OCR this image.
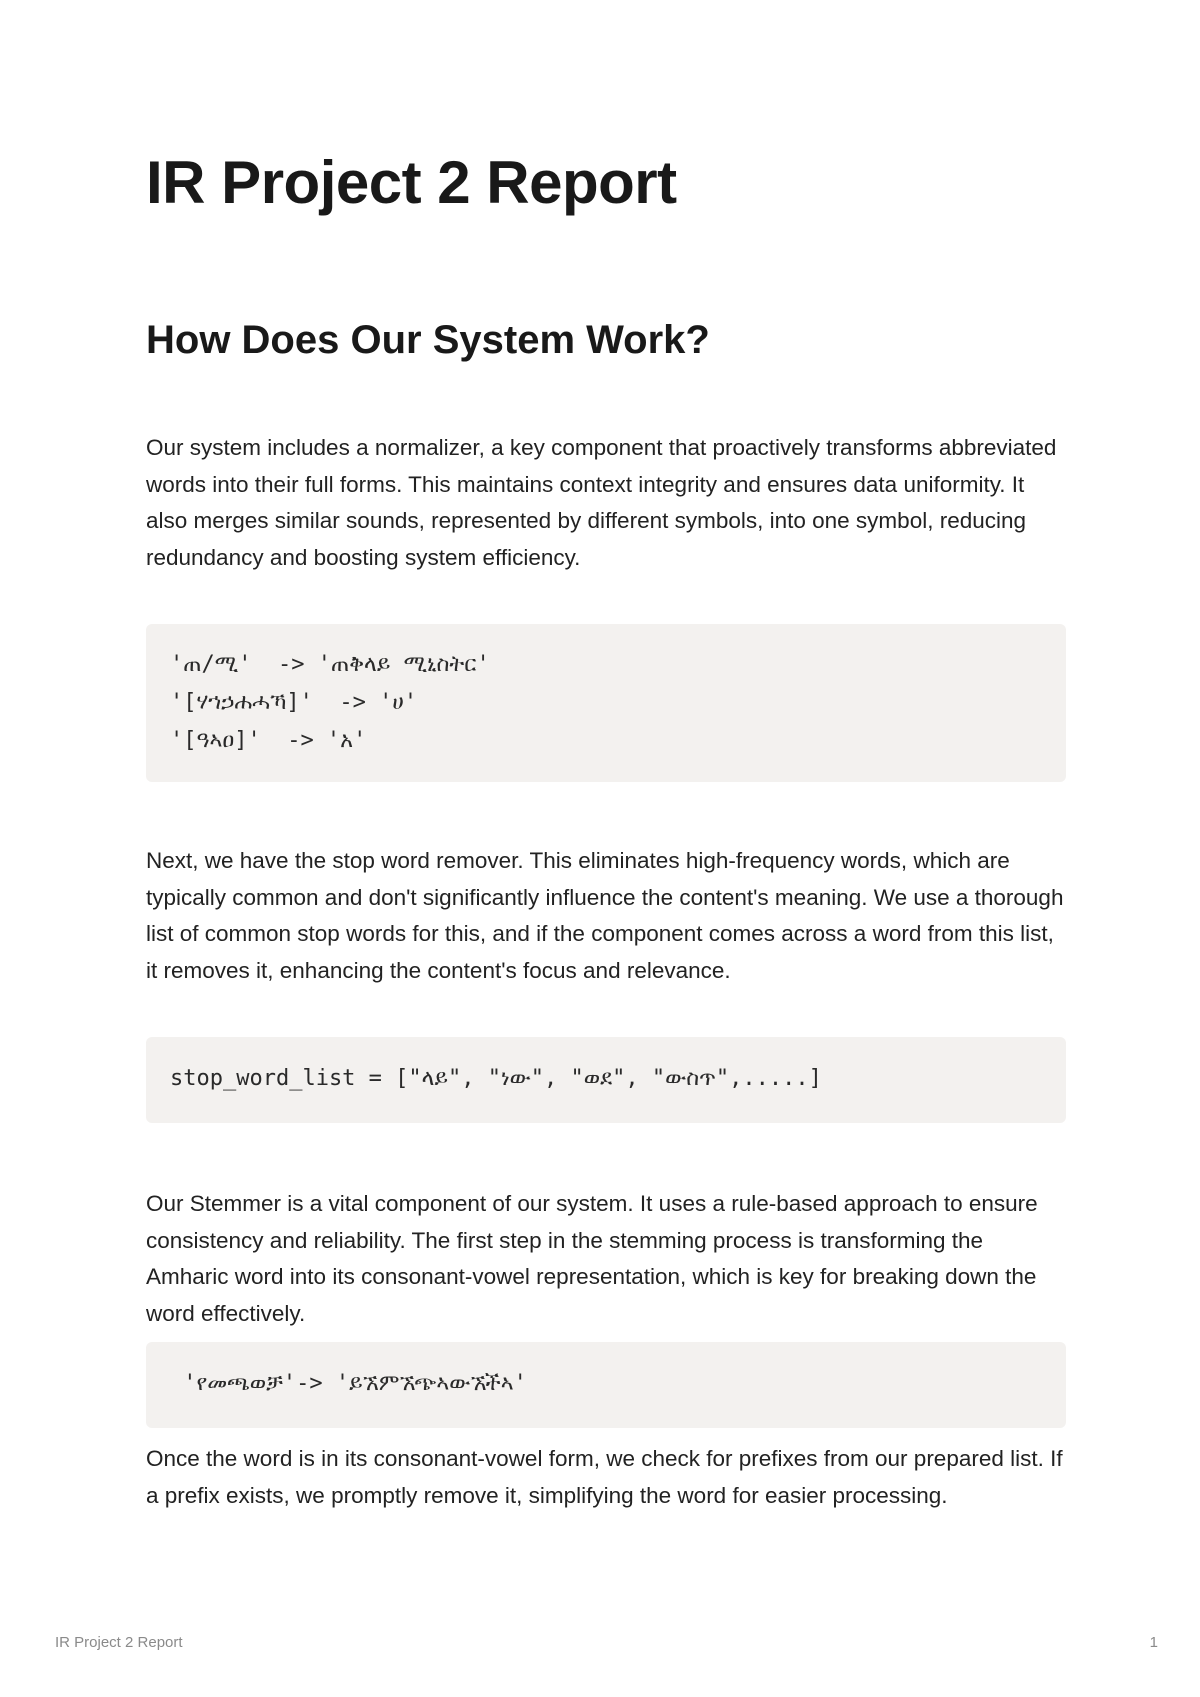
IR Project 2 Report
How Does Our System Work?

Our system includes a normalizer, a key component that proactively transforms abbreviated words into their full forms. This maintains context integrity and ensures data uniformity. It also merges similar sounds, represented by different symbols, into one symbol, reducing redundancy and boosting system efficiency.

'ጠ/ሚ'  -> 'ጠቅላይ ሚኒስትር'
'[ሃኀኃሐሓኻ]'  -> 'ሀ'
'[ዓኣዐ]'  -> 'አ'

Next, we have the stop word remover. This eliminates high-frequency words, which are typically common and don't significantly influence the content's meaning. We use a thorough list of common stop words for this, and if the component comes across a word from this list, it removes it, enhancing the content's focus and relevance.

stop_word_list = ["ላይ", "ነው", "ወደ", "ውስጥ",.....]

Our Stemmer is a vital component of our system. It uses a rule-based approach to ensure consistency and reliability. The first step in the stemming process is transforming the Amharic word into its consonant-vowel representation, which is key for breaking down the word effectively.

'የመጫወቻ'-> 'ይኧምኧጭኣውኧችኣ'

Once the word is in its consonant-vowel form, we check for prefixes from our prepared list. If a prefix exists, we promptly remove it, simplifying the word for easier processing.

IR Project 2 Report	1
